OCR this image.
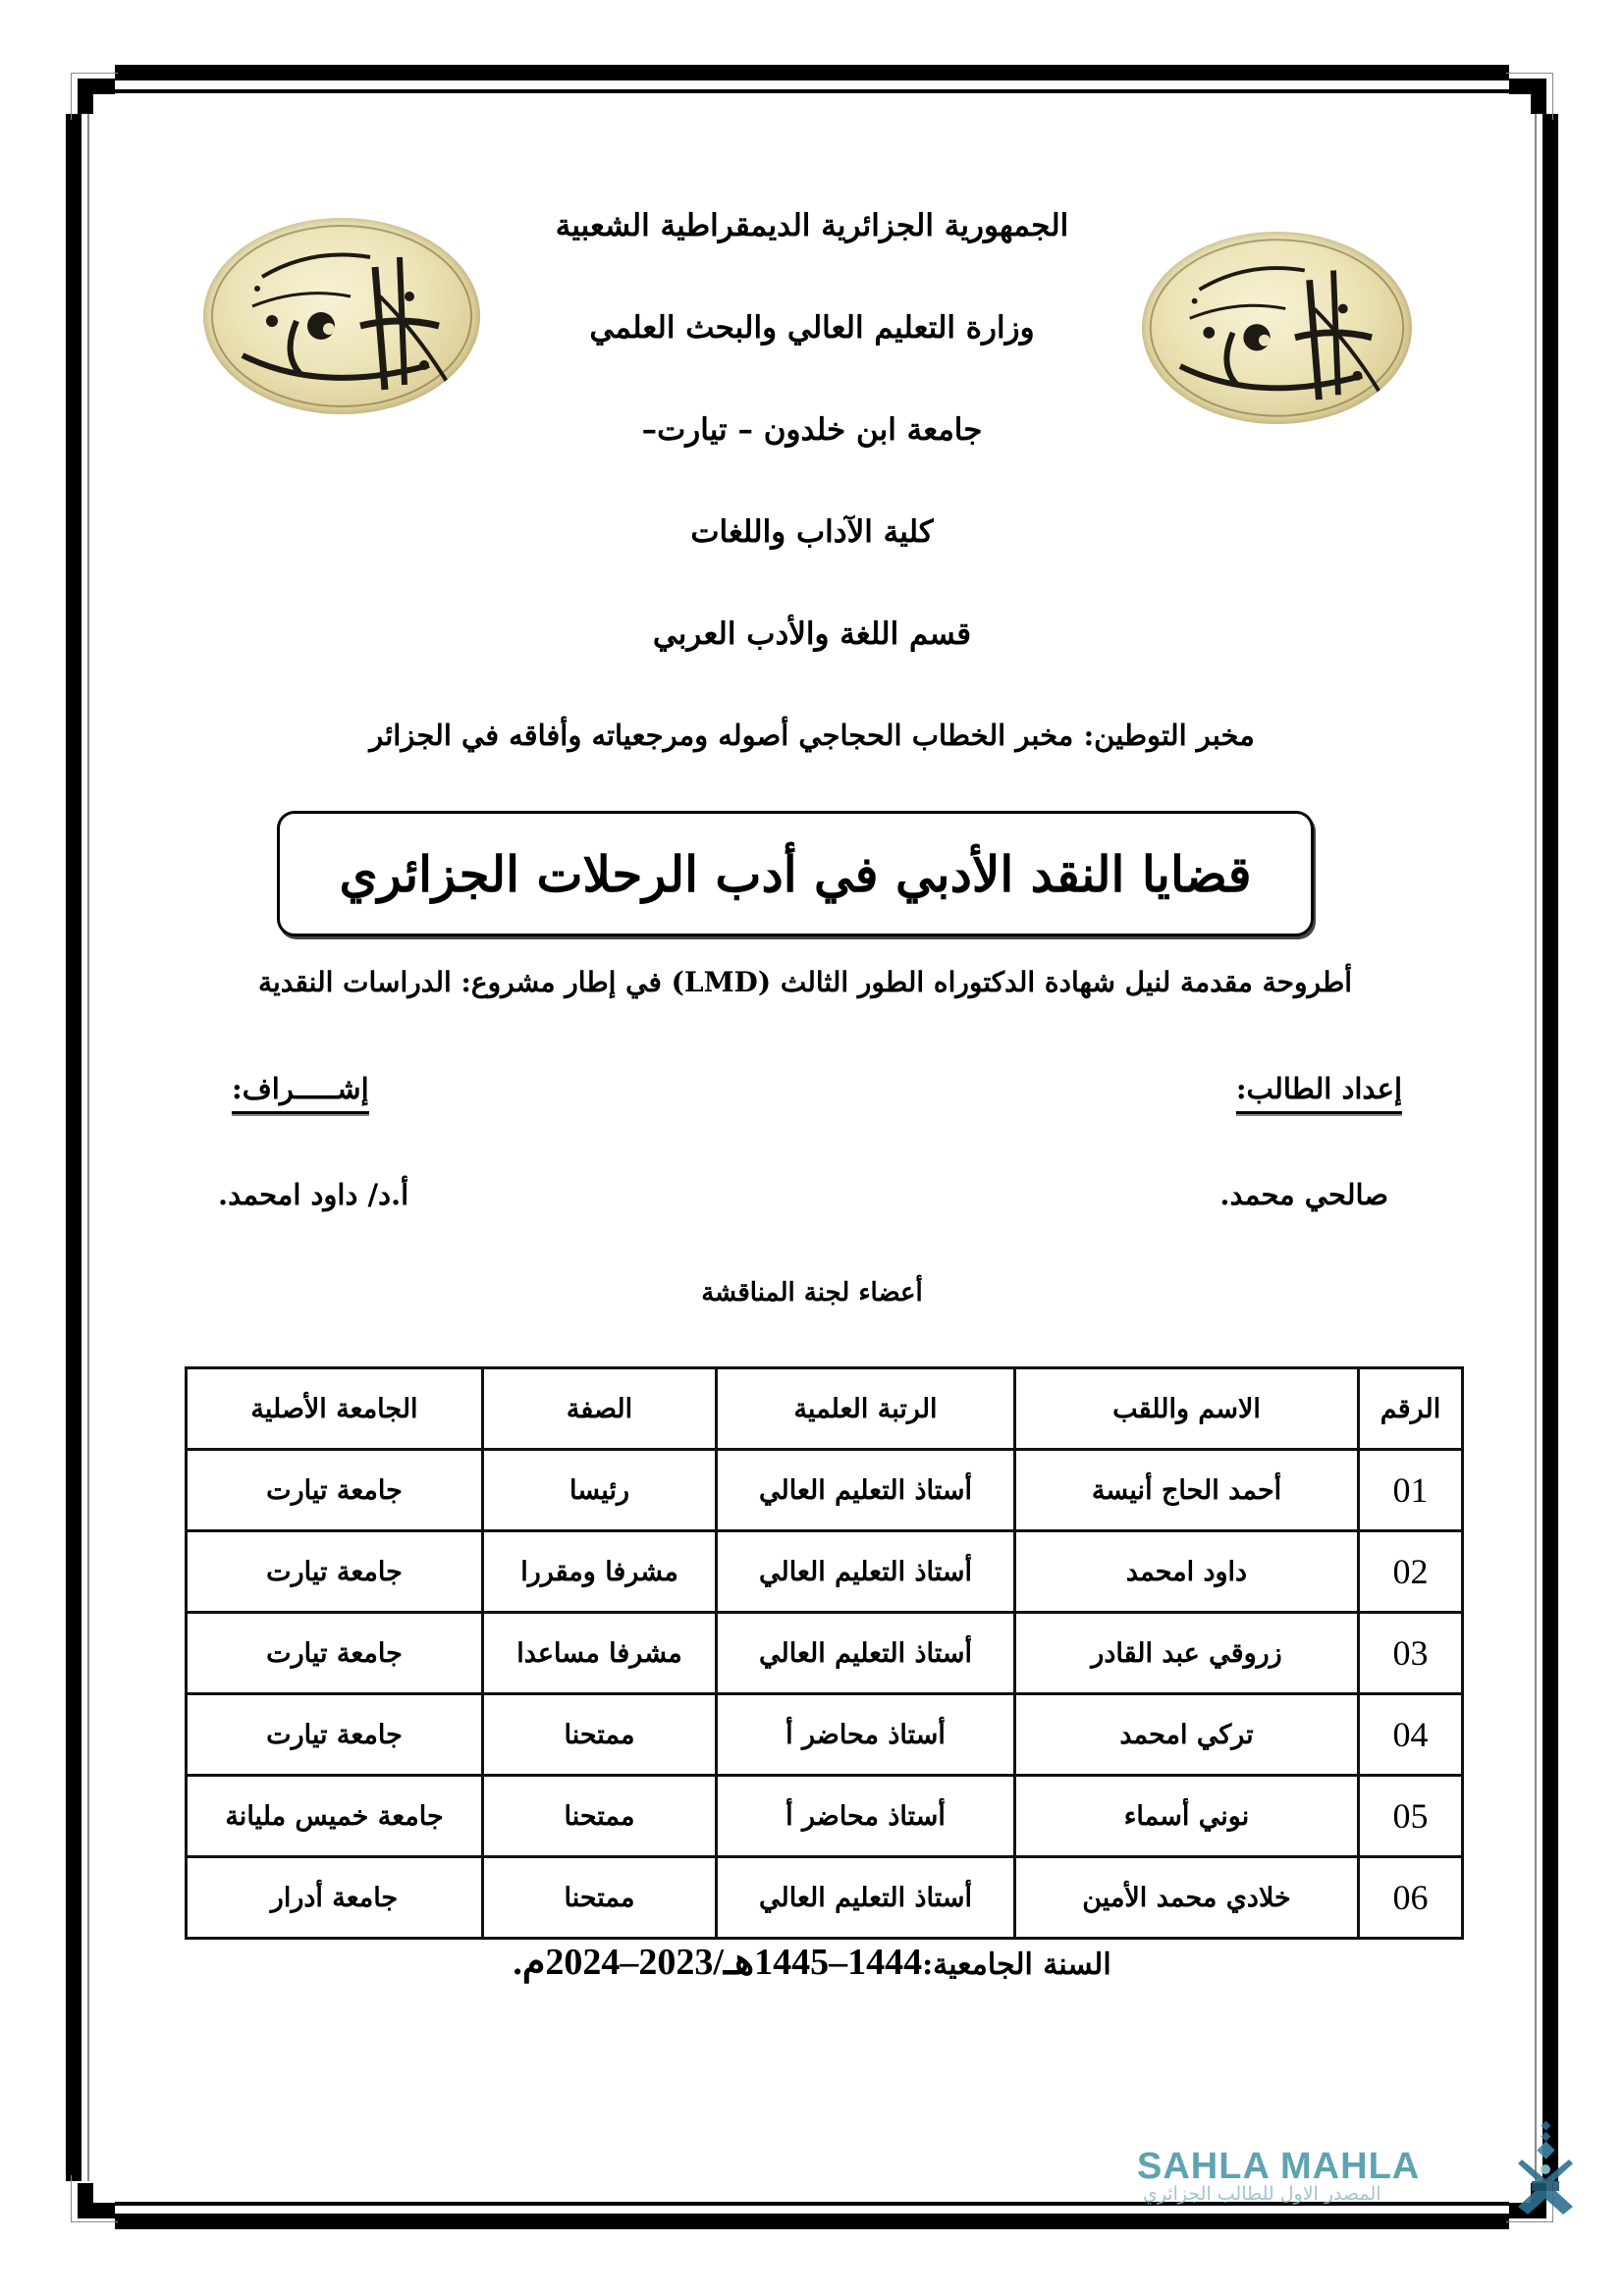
الجمهورية الجزائرية الديمقراطية الشعبية
وزارة التعليم العالي والبحث العلمي
جامعة ابن خلدون – تيارت–
كلية الآداب واللغات
قسم اللغة والأدب العربي
مخبر التوطين: مخبر الخطاب الحجاجي أصوله ومرجعياته وأفاقه في الجزائر
قضايا النقد الأدبي في أدب الرحلات الجزائري
أطروحة مقدمة لنيل شهادة الدكتوراه الطور الثالث (LMD) في إطار مشروع: الدراسات النقدية
إعداد الطالب:
إشـــــراف:
صالحي محمد.
أ.د/ داود امحمد.
أعضاء لجنة المناقشة
الرقم	الاسم واللقب	الرتبة العلمية	الصفة	الجامعة الأصلية
01	أحمد الحاج أنيسة	أستاذ التعليم العالي	رئيسا	جامعة تيارت
02	داود امحمد	أستاذ التعليم العالي	مشرفا ومقررا	جامعة تيارت
03	زروقي عبد القادر	أستاذ التعليم العالي	مشرفا مساعدا	جامعة تيارت
04	تركي امحمد	أستاذ محاضر أ	ممتحنا	جامعة تيارت
05	نوني أسماء	أستاذ محاضر أ	ممتحنا	جامعة خميس مليانة
06	خلادي محمد الأمين	أستاذ التعليم العالي	ممتحنا	جامعة أدرار
السنة الجامعية:1444–1445هـ/2023–2024م.
SAHLA MAHLA
المصدر الاول للطالب الجزائري
